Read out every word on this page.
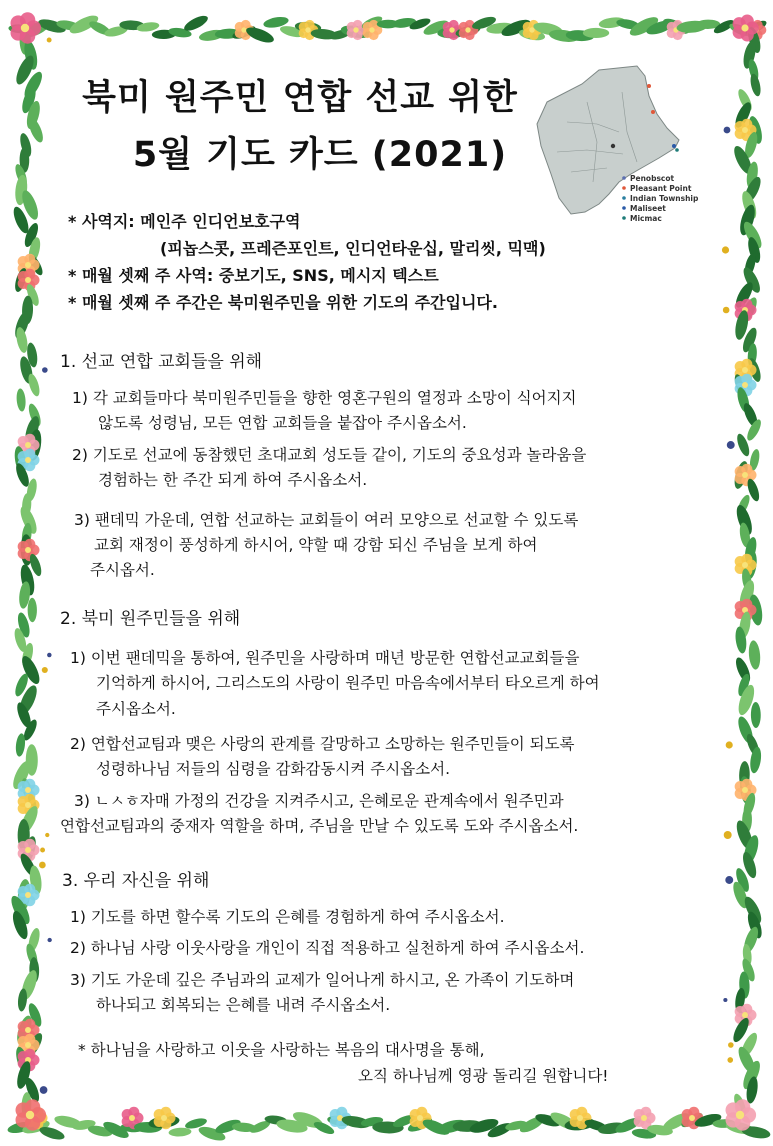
Penobscot
Pleasant Point
Indian Township
Maliseet
Micmac
북미 원주민 연합 선교 위한
5월 기도 카드 (2021)
* 사역지: 메인주 인디언보호구역
(피놉스콧, 프레즌포인트, 인디언타운십, 말리씻, 믹맥)
* 매월 셋째 주 사역: 중보기도, SNS, 메시지 텍스트
* 매월 셋째 주 주간은 북미원주민을 위한 기도의 주간입니다.
1. 선교 연합 교회들을 위해
1) 각 교회들마다 북미원주민들을 향한 영혼구원의 열정과 소망이 식어지지
않도록 성령님, 모든 연합 교회들을 붙잡아 주시옵소서.
2) 기도로 선교에 동참했던 초대교회 성도들 같이, 기도의 중요성과 놀라움을
경험하는 한 주간 되게 하여 주시옵소서.
3) 팬데믹 가운데, 연합 선교하는 교회들이 여러 모양으로 선교할 수 있도록
교회 재정이 풍성하게 하시어, 약할 때 강함 되신 주님을 보게 하여
주시옵서.
2. 북미 원주민들을 위해
1) 이번 팬데믹을 통하여, 원주민을 사랑하며 매년 방문한 연합선교교회들을
기억하게 하시어, 그리스도의 사랑이 원주민 마음속에서부터 타오르게 하여
주시옵소서.
2) 연합선교팀과 맺은 사랑의 관계를 갈망하고 소망하는 원주민들이 되도록
성령하나님 저들의 심령을 감화감동시켜 주시옵소서.
3) ㄴㅅㅎ자매 가정의 건강을 지켜주시고, 은혜로운 관계속에서 원주민과
연합선교팀과의 중재자 역할을 하며, 주님을 만날 수 있도록 도와 주시옵소서.
3. 우리 자신을 위해
1) 기도를 하면 할수록 기도의 은혜를 경험하게 하여 주시옵소서.
2) 하나님 사랑 이웃사랑을 개인이 직접 적용하고 실천하게 하여 주시옵소서.
3) 기도 가운데 깊은 주님과의 교제가 일어나게 하시고, 온 가족이 기도하며
하나되고 회복되는 은혜를 내려 주시옵소서.
* 하나님을 사랑하고 이웃을 사랑하는 복음의 대사명을 통해,
오직 하나님께 영광 돌리길 원합니다!
